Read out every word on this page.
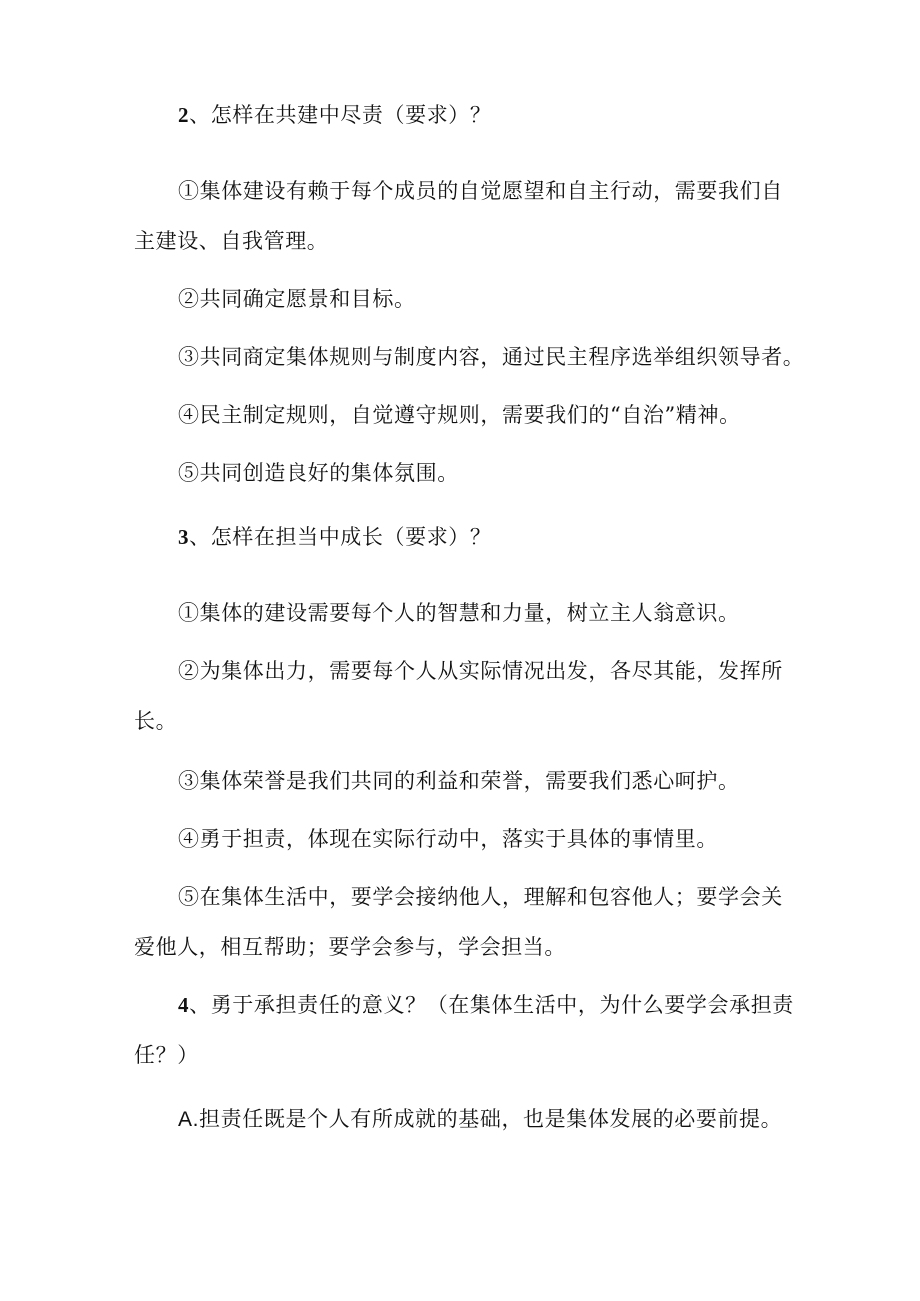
2、怎样在共建中尽责（要求）？
①集体建设有赖于每个成员的自觉愿望和自主行动，需要我们自
主建设、自我管理。
②共同确定愿景和目标。
③共同商定集体规则与制度内容，通过民主程序选举组织领导者。
④民主制定规则，自觉遵守规则，需要我们的“自治”精神。
⑤共同创造良好的集体氛围。
3、怎样在担当中成长（要求）？
①集体的建设需要每个人的智慧和力量，树立主人翁意识。
②为集体出力，需要每个人从实际情况出发，各尽其能，发挥所
长。
③集体荣誉是我们共同的利益和荣誉，需要我们悉心呵护。
④勇于担责，体现在实际行动中，落实于具体的事情里。
⑤在集体生活中，要学会接纳他人，理解和包容他人；要学会关
爱他人，相互帮助；要学会参与，学会担当。
4、勇于承担责任的意义？（在集体生活中，为什么要学会承担责
任？）
A.担责任既是个人有所成就的基础，也是集体发展的必要前提。
